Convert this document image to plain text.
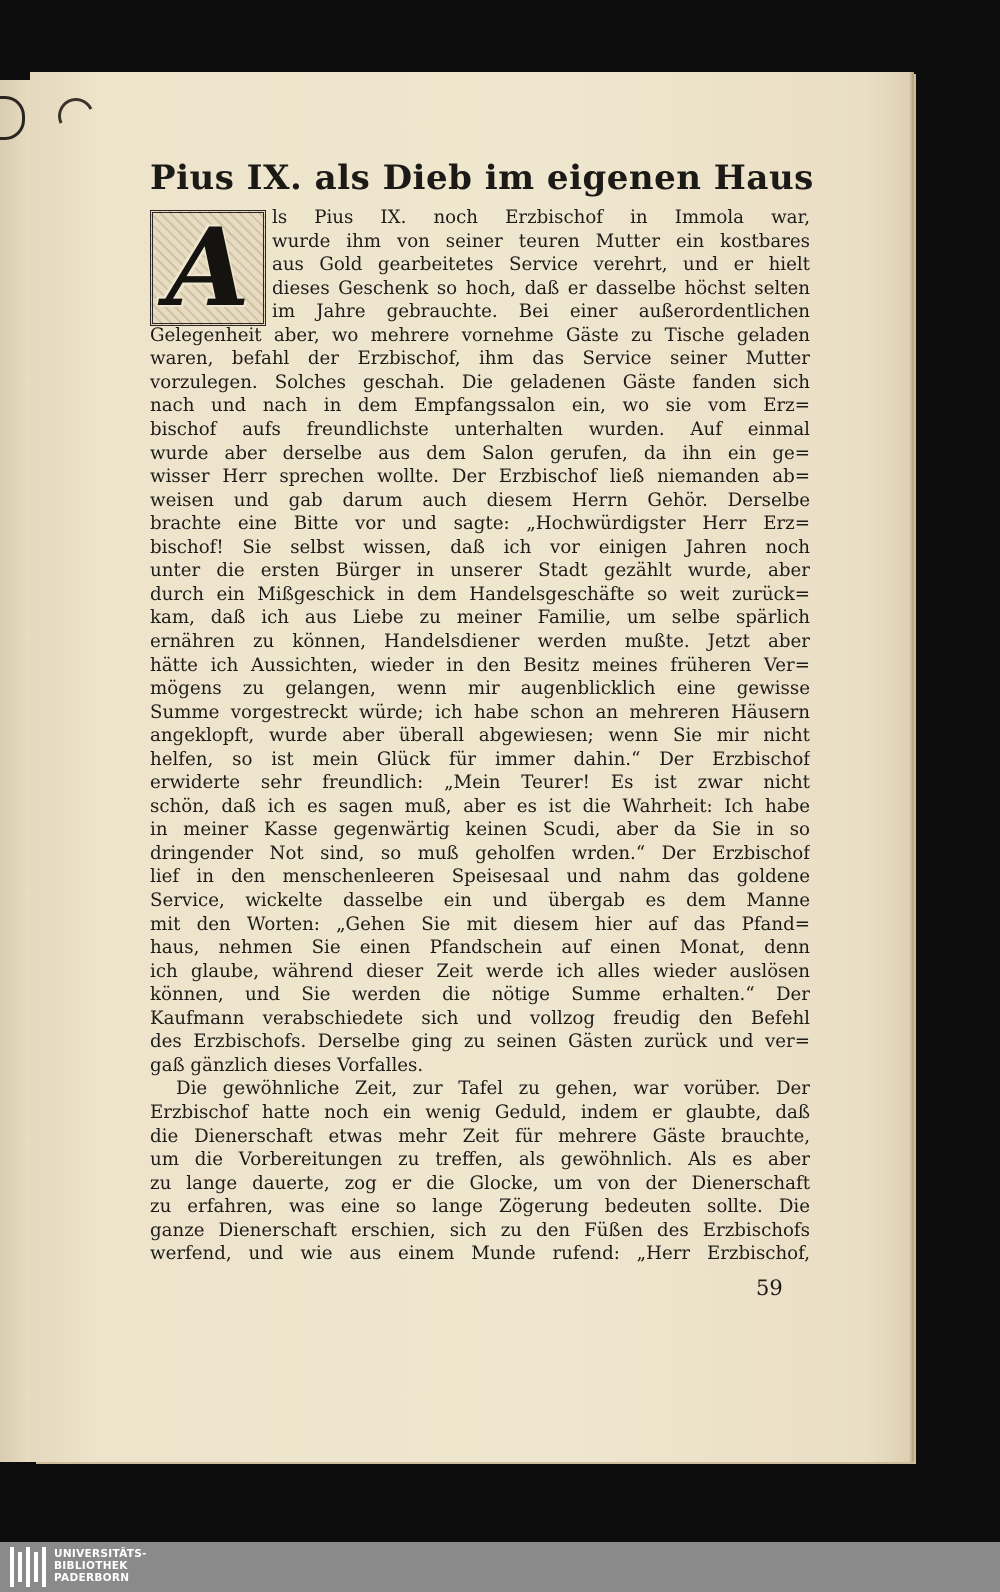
Pius IX. als Dieb im eigenen Haus
A	ls Pius IX. noch Erzbischof in Immola war,
wurde ihm von seiner teuren Mutter ein kostbares
aus Gold gearbeitetes Service verehrt, und er hielt
dieses Geschenk so hoch, daß er dasselbe höchst selten
im Jahre gebrauchte. Bei einer außerordentlichen
Gelegenheit aber, wo mehrere vornehme Gäste zu Tische geladen
waren, befahl der Erzbischof, ihm das Service seiner Mutter
vorzulegen. Solches geschah. Die geladenen Gäste fanden sich
nach und nach in dem Empfangssalon ein, wo sie vom Erz=
bischof aufs freundlichste unterhalten wurden. Auf einmal
wurde aber derselbe aus dem Salon gerufen, da ihn ein ge=
wisser Herr sprechen wollte. Der Erzbischof ließ niemanden ab=
weisen und gab darum auch diesem Herrn Gehör. Derselbe
brachte eine Bitte vor und sagte: „Hochwürdigster Herr Erz=
bischof! Sie selbst wissen, daß ich vor einigen Jahren noch
unter die ersten Bürger in unserer Stadt gezählt wurde, aber
durch ein Mißgeschick in dem Handelsgeschäfte so weit zurück=
kam, daß ich aus Liebe zu meiner Familie, um selbe spärlich
ernähren zu können, Handelsdiener werden mußte. Jetzt aber
hätte ich Aussichten, wieder in den Besitz meines früheren Ver=
mögens zu gelangen, wenn mir augenblicklich eine gewisse
Summe vorgestreckt würde; ich habe schon an mehreren Häusern
angeklopft, wurde aber überall abgewiesen; wenn Sie mir nicht
helfen, so ist mein Glück für immer dahin.“ Der Erzbischof
erwiderte sehr freundlich: „Mein Teurer! Es ist zwar nicht
schön, daß ich es sagen muß, aber es ist die Wahrheit: Ich habe
in meiner Kasse gegenwärtig keinen Scudi, aber da Sie in so
dringender Not sind, so muß geholfen wrden.“ Der Erzbischof
lief in den menschenleeren Speisesaal und nahm das goldene
Service, wickelte dasselbe ein und übergab es dem Manne
mit den Worten: „Gehen Sie mit diesem hier auf das Pfand=
haus, nehmen Sie einen Pfandschein auf einen Monat, denn
ich glaube, während dieser Zeit werde ich alles wieder auslösen
können, und Sie werden die nötige Summe erhalten.“ Der
Kaufmann verabschiedete sich und vollzog freudig den Befehl
des Erzbischofs. Derselbe ging zu seinen Gästen zurück und ver=
gaß gänzlich dieses Vorfalles.
Die gewöhnliche Zeit, zur Tafel zu gehen, war vorüber. Der
Erzbischof hatte noch ein wenig Geduld, indem er glaubte, daß
die Dienerschaft etwas mehr Zeit für mehrere Gäste brauchte,
um die Vorbereitungen zu treffen, als gewöhnlich. Als es aber
zu lange dauerte, zog er die Glocke, um von der Dienerschaft
zu erfahren, was eine so lange Zögerung bedeuten sollte. Die
ganze Dienerschaft erschien, sich zu den Füßen des Erzbischofs
werfend, und wie aus einem Munde rufend: „Herr Erzbischof,
59
UNIVERSITÄTS-
BIBLIOTHEK
PADERBORN
